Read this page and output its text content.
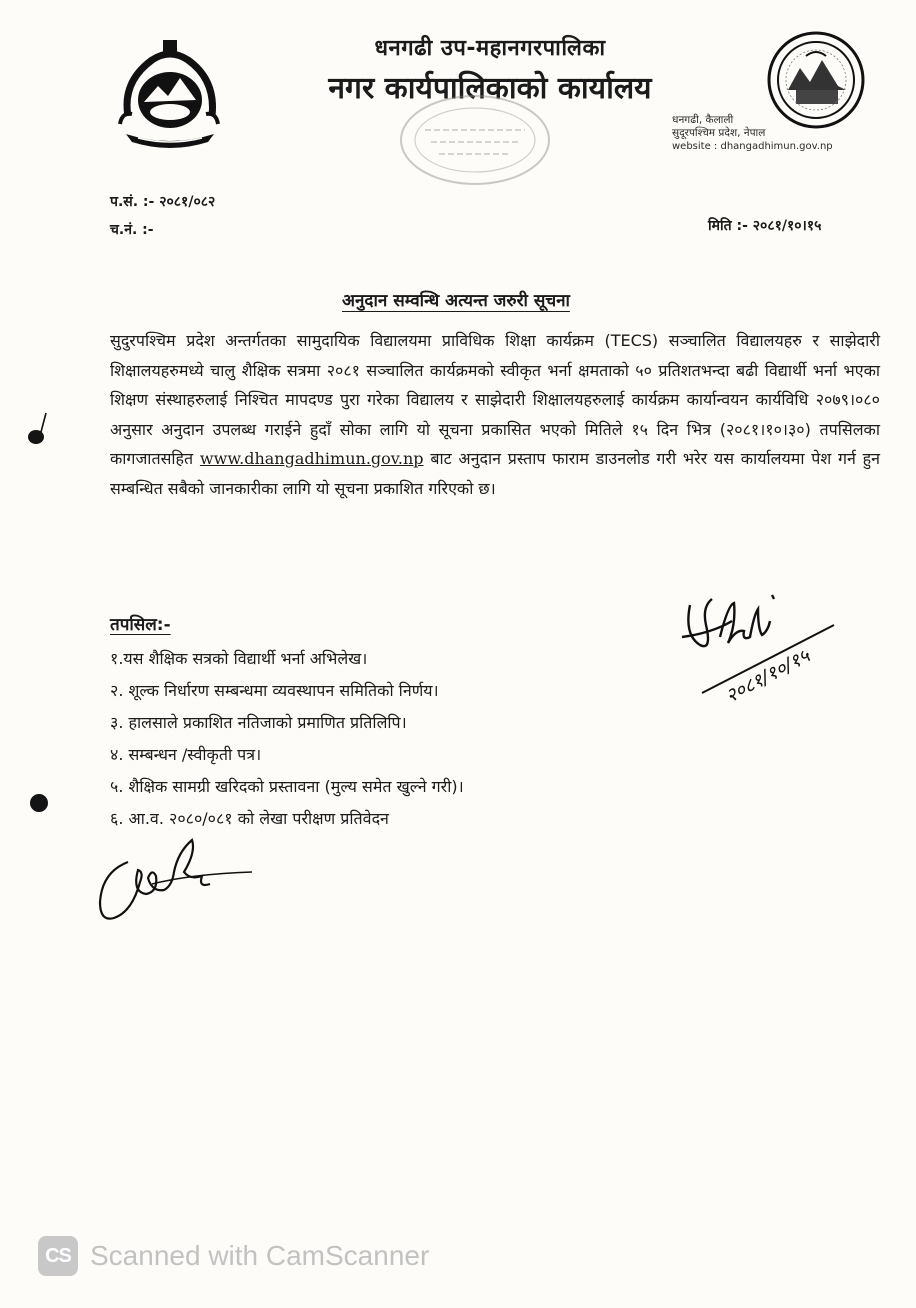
धनगढी उप-महानगरपालिका
नगर कार्यपालिकाको कार्यालय
धनगढी, कैलाली
सुदूरपश्चिम प्रदेश, नेपाल
website : dhangadhimun.gov.np
प.सं. :- २०८१/०८२
च.नं. :-	मिति :- २०८१/१०।१५
अनुदान सम्वन्धि अत्यन्त जरुरी सूचना
सुदुरपश्चिम प्रदेश अन्तर्गतका सामुदायिक विद्यालयमा प्राविधिक शिक्षा कार्यक्रम (TECS) सञ्चालित विद्यालयहरु र साझेदारी शिक्षालयहरुमध्ये चालु शैक्षिक सत्रमा २०८१ सञ्चालित कार्यक्रमको स्वीकृत भर्ना क्षमताको ५० प्रतिशतभन्दा बढी विद्यार्थी भर्ना भएका शिक्षण संस्थाहरुलाई निश्चित मापदण्ड पुरा गरेका विद्यालय र साझेदारी शिक्षालयहरुलाई कार्यक्रम कार्यान्वयन कार्यविधि २०७९।०८० अनुसार अनुदान उपलब्ध गराईने हुदाँ सोका लागि यो सूचना प्रकासित भएको मितिले १५ दिन भित्र (२०८१।१०।३०) तपसिलका कागजातसहित www.dhangadhimun.gov.np बाट अनुदान प्रस्ताप फाराम डाउनलोड गरी भरेर यस कार्यालयमा पेश गर्न हुन सम्बन्धित सबैको जानकारीका लागि यो सूचना प्रकाशित गरिएको छ।
तपसिल:-
१.यस शैक्षिक सत्रको विद्यार्थी भर्ना अभिलेख।
२. शूल्क निर्धारण सम्बन्धमा व्यवस्थापन समितिको निर्णय।
३. हालसाले प्रकाशित नतिजाको प्रमाणित प्रतिलिपि।
४. सम्बन्धन /स्वीकृती पत्र।
५. शैक्षिक सामग्री खरिदको प्रस्तावना (मुल्य समेत खुल्ने गरी)।
६. आ.व. २०८०/०८१ को लेखा परीक्षण प्रतिवेदन
२०८१/१०/१५
CS Scanned with CamScanner
